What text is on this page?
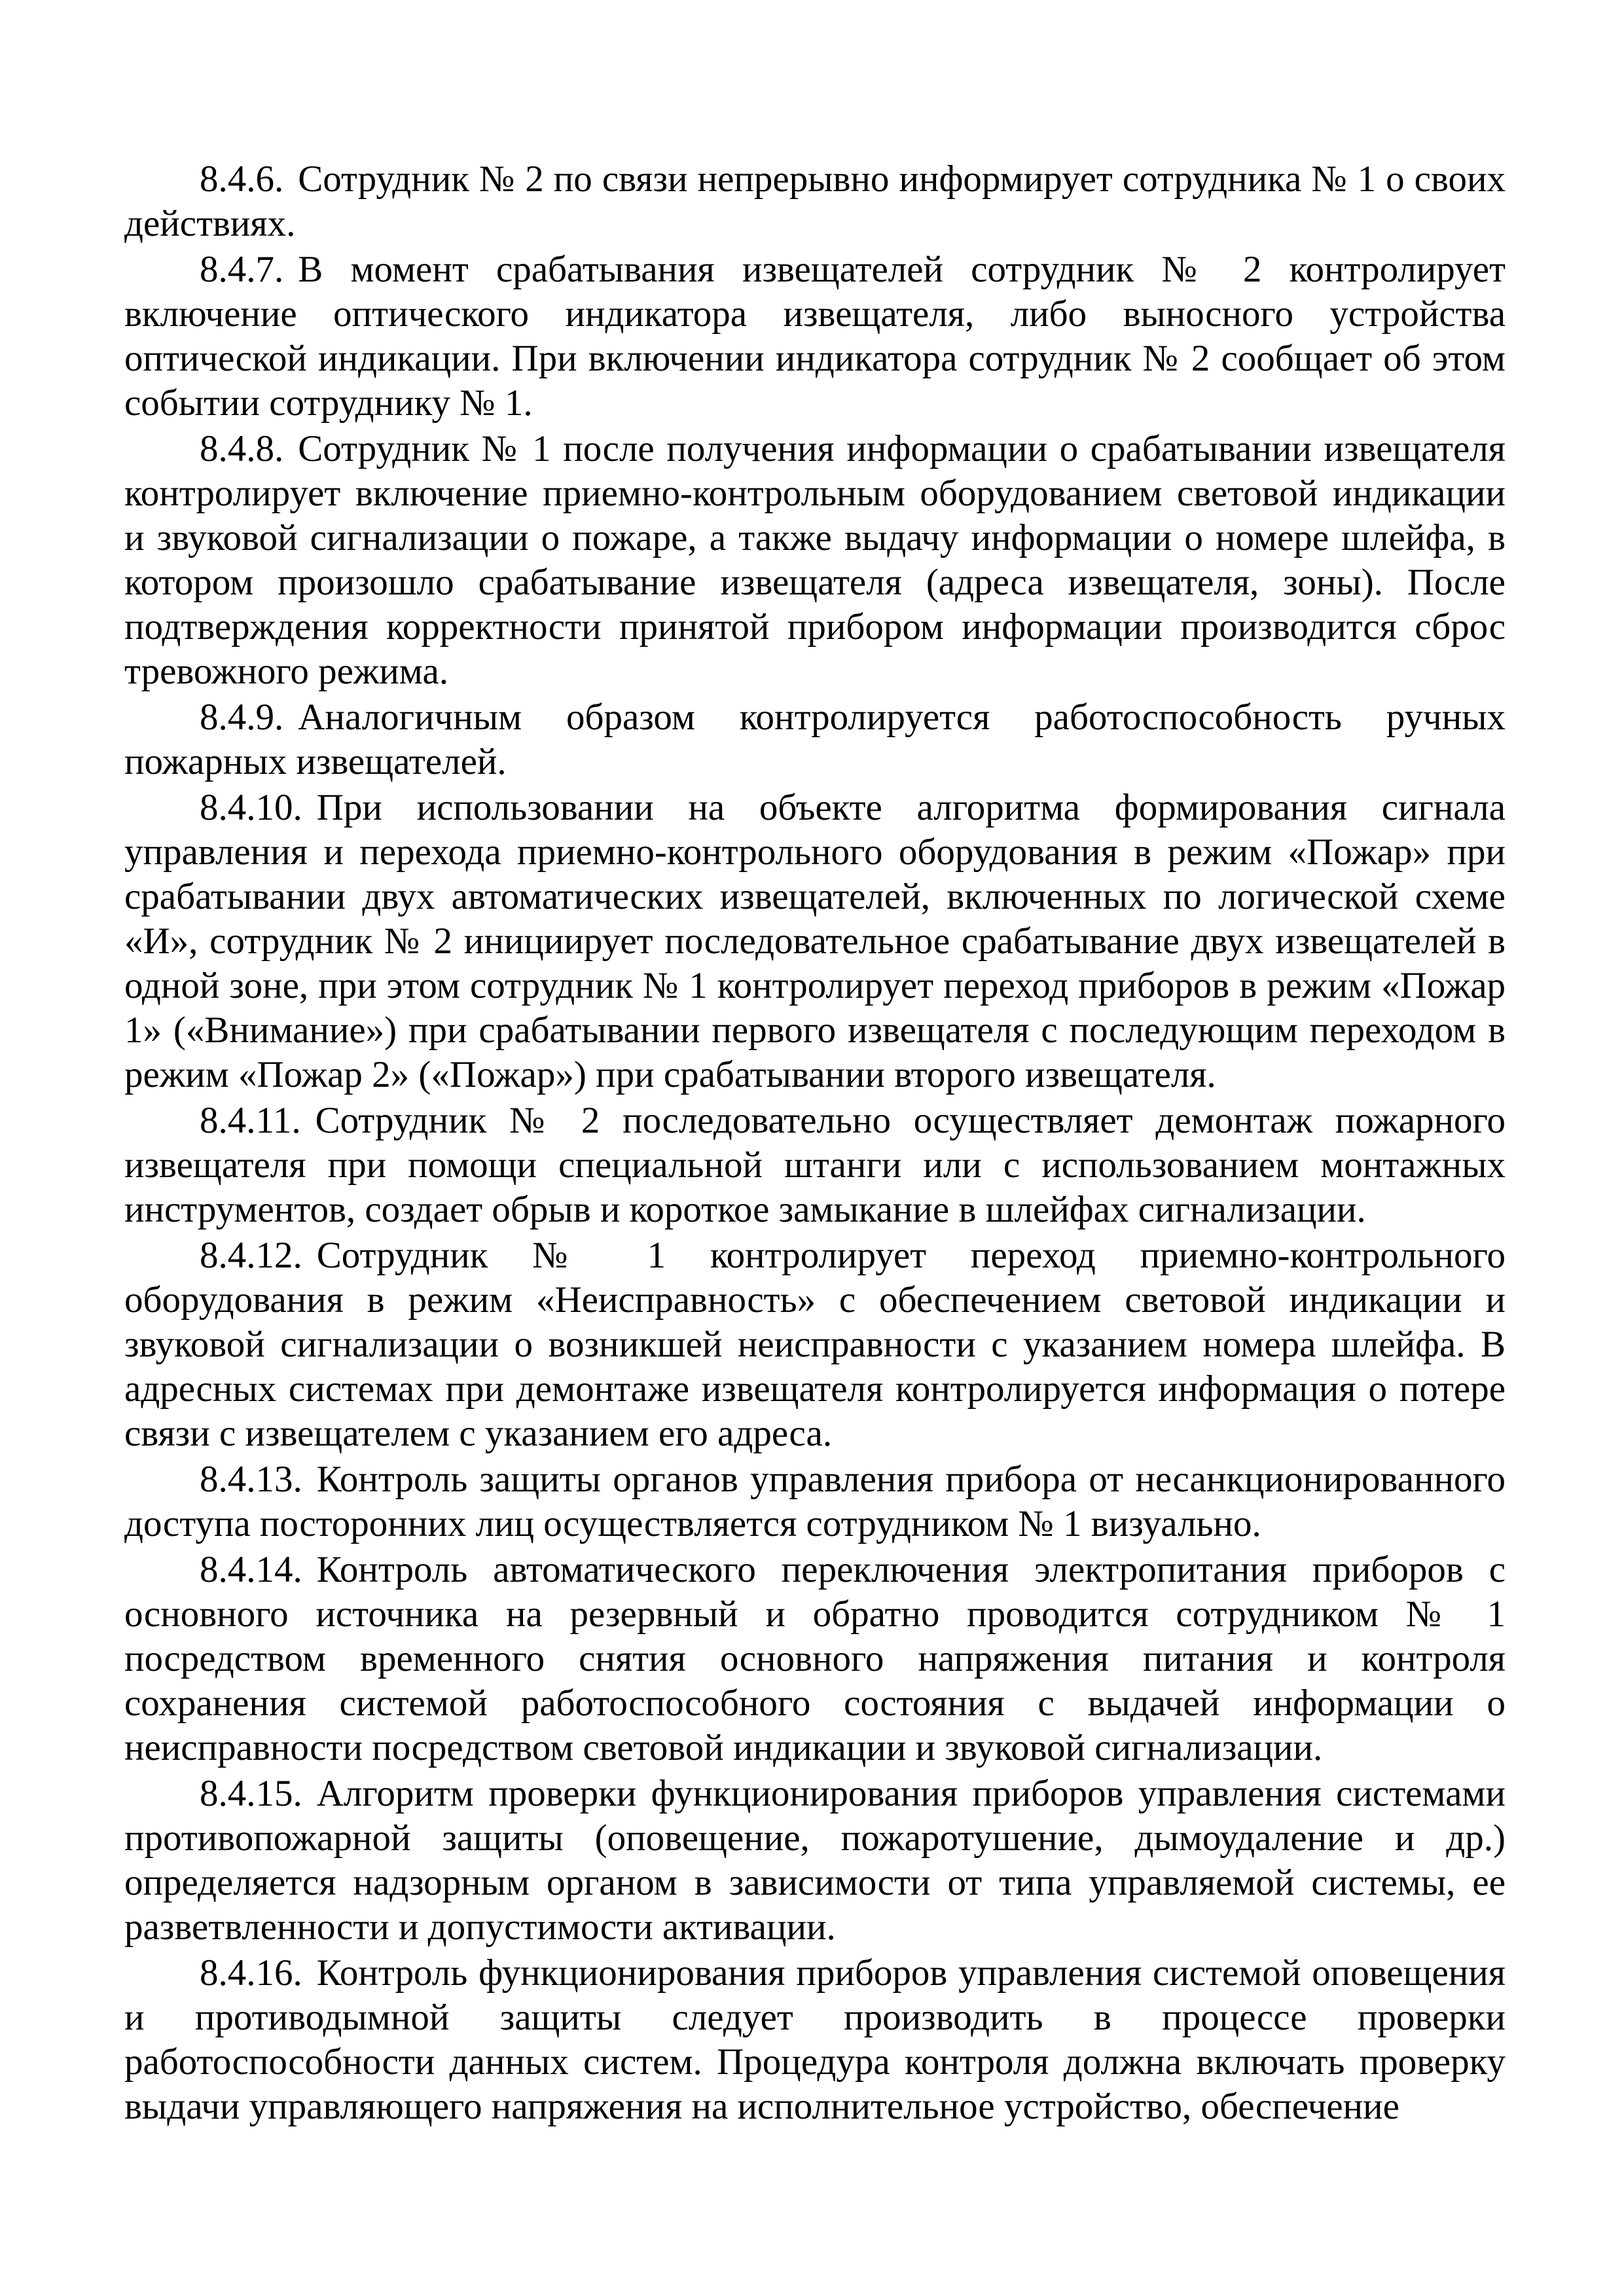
8.4.6. Сотрудник № 2 по связи непрерывно информирует сотрудника № 1 о своих действиях.

8.4.7. В момент срабатывания извещателей сотрудник № 2 контролирует включение оптического индикатора извещателя, либо выносного устройства оптической индикации. При включении индикатора сотрудник № 2 сообщает об этом событии сотруднику № 1.

8.4.8. Сотрудник № 1 после получения информации о срабатывании извещателя контролирует включение приемно-контрольным оборудованием световой индикации и звуковой сигнализации о пожаре, а также выдачу информации о номере шлейфа, в котором произошло срабатывание извещателя (адреса извещателя, зоны). После подтверждения корректности принятой прибором информации производится сброс тревожного режима.

8.4.9. Аналогичным образом контролируется работоспособность ручных пожарных извещателей.

8.4.10. При использовании на объекте алгоритма формирования сигнала управления и перехода приемно-контрольного оборудования в режим «Пожар» при срабатывании двух автоматических извещателей, включенных по логической схеме «И», сотрудник № 2 инициирует последовательное срабатывание двух извещателей в одной зоне, при этом сотрудник № 1 контролирует переход приборов в режим «Пожар 1» («Внимание») при срабатывании первого извещателя с последующим переходом в режим «Пожар 2» («Пожар») при срабатывании второго извещателя.

8.4.11. Сотрудник № 2 последовательно осуществляет демонтаж пожарного извещателя при помощи специальной штанги или с использованием монтажных инструментов, создает обрыв и короткое замыкание в шлейфах сигнализации.

8.4.12. Сотрудник № 1 контролирует переход приемно-контрольного оборудования в режим «Неисправность» с обеспечением световой индикации и звуковой сигнализации о возникшей неисправности с указанием номера шлейфа. В адресных системах при демонтаже извещателя контролируется информация о потере связи с извещателем с указанием его адреса.

8.4.13. Контроль защиты органов управления прибора от несанкционированного доступа посторонних лиц осуществляется сотрудником № 1 визуально.

8.4.14. Контроль автоматического переключения электропитания приборов с основного источника на резервный и обратно проводится сотрудником № 1 посредством временного снятия основного напряжения питания и контроля сохранения системой работоспособного состояния с выдачей информации о неисправности посредством световой индикации и звуковой сигнализации.

8.4.15. Алгоритм проверки функционирования приборов управления системами противопожарной защиты (оповещение, пожаротушение, дымоудаление и др.) определяется надзорным органом в зависимости от типа управляемой системы, ее разветвленности и допустимости активации.

8.4.16. Контроль функционирования приборов управления системой оповещения и противодымной защиты следует производить в процессе проверки работоспособности данных систем. Процедура контроля должна включать проверку выдачи управляющего напряжения на исполнительное устройство, обеспечение
